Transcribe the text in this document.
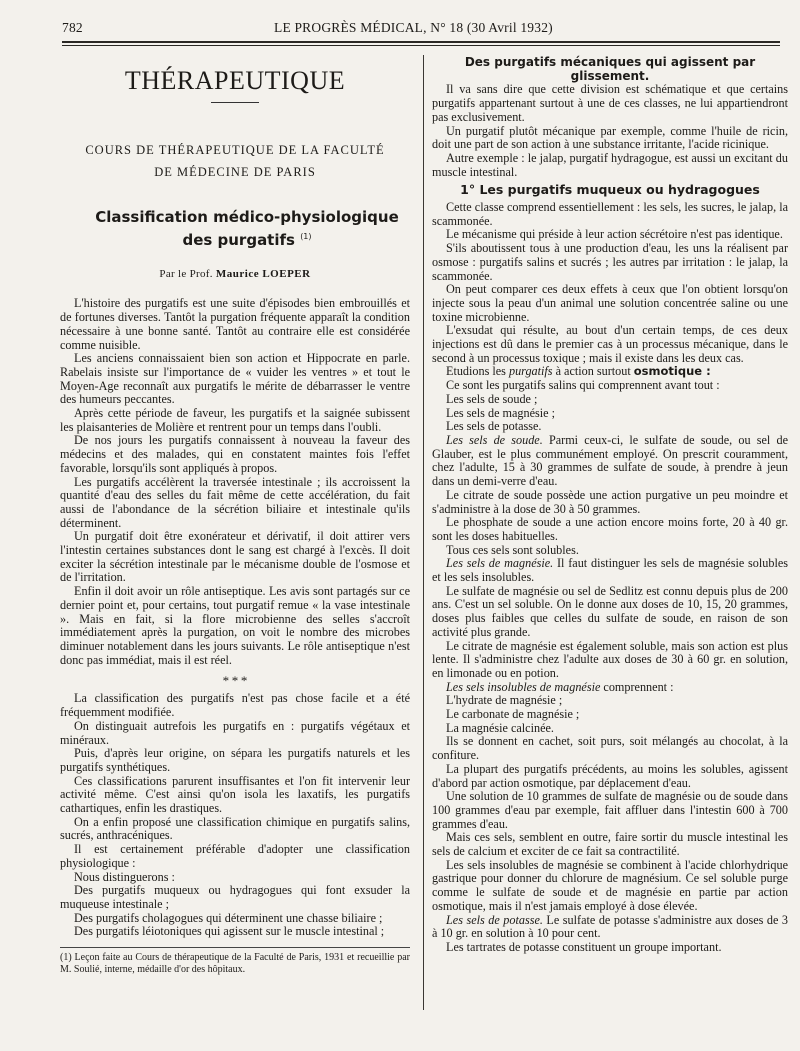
782	LE PROGRÈS MÉDICAL, N° 18 (30 Avril 1932)
THÉRAPEUTIQUE

COURS DE THÉRAPEUTIQUE DE LA FACULTÉ
DE MÉDECINE DE PARIS

Classification médico-physiologique
des purgatifs $^{(1)}$

Par le Prof. Maurice LOEPER

L'histoire des purgatifs est une suite d'épisodes bien embrouillés et de fortunes diverses. Tantôt la purgation fréquente apparaît la condition nécessaire à une bonne santé. Tantôt au contraire elle est considérée comme nuisible.

Les anciens connaissaient bien son action et Hippocrate en parle. Rabelais insiste sur l'importance de « vuider les ventres » et tout le Moyen-Age reconnaît aux purgatifs le mérite de débarrasser le ventre des humeurs peccantes.

Après cette période de faveur, les purgatifs et la saignée subissent les plaisanteries de Molière et rentrent pour un temps dans l'oubli.

De nos jours les purgatifs connaissent à nouveau la faveur des médecins et des malades, qui en constatent maintes fois l'effet favorable, lorsqu'ils sont appliqués à propos.

Les purgatifs accélèrent la traversée intestinale ; ils accroissent la quantité d'eau des selles du fait même de cette accélération, du fait aussi de l'abondance de la sécrétion biliaire et intestinale qu'ils déterminent.

Un purgatif doit être exonérateur et dérivatif, il doit attirer vers l'intestin certaines substances dont le sang est chargé à l'excès. Il doit exciter la sécrétion intestinale par le mécanisme double de l'osmose et de l'irritation.

Enfin il doit avoir un rôle antiseptique. Les avis sont partagés sur ce dernier point et, pour certains, tout purgatif remue « la vase intestinale ». Mais en fait, si la flore microbienne des selles s'accroît immédiatement après la purgation, on voit le nombre des microbes diminuer notablement dans les jours suivants. Le rôle antiseptique n'est donc pas immédiat, mais il est réel.

* * *

La classification des purgatifs n'est pas chose facile et a été fréquemment modifiée.

On distinguait autrefois les purgatifs en : purgatifs végétaux et minéraux.

Puis, d'après leur origine, on sépara les purgatifs naturels et les purgatifs synthétiques.

Ces classifications parurent insuffisantes et l'on fit intervenir leur activité même. C'est ainsi qu'on isola les laxatifs, les purgatifs cathartiques, enfin les drastiques.

On a enfin proposé une classification chimique en purgatifs salins, sucrés, anthracéniques.

Il est certainement préférable d'adopter une classification physiologique :

Nous distinguerons :

Des purgatifs muqueux ou hydragogues qui font exsuder la muqueuse intestinale ;

Des purgatifs cholagogues qui déterminent une chasse biliaire ;

Des purgatifs léiotoniques qui agissent sur le muscle intestinal ;

(1) Leçon faite au Cours de thérapeutique de la Faculté de Paris, 1931 et recueillie par M. Soulié, interne, médaille d'or des hôpitaux.

Des purgatifs mécaniques qui agissent par glissement.

Il va sans dire que cette division est schématique et que certains purgatifs appartenant surtout à une de ces classes, ne lui appartiendront pas exclusivement.

Un purgatif plutôt mécanique par exemple, comme l'huile de ricin, doit une part de son action à une substance irritante, l'acide ricinique.

Autre exemple : le jalap, purgatif hydragogue, est aussi un excitant du muscle intestinal.

1° Les purgatifs muqueux ou hydragogues

Cette classe comprend essentiellement : les sels, les sucres, le jalap, la scammonée.

Le mécanisme qui préside à leur action sécrétoire n'est pas identique.

S'ils aboutissent tous à une production d'eau, les uns la réalisent par osmose : purgatifs salins et sucrés ; les autres par irritation : le jalap, la scammonée.

On peut comparer ces deux effets à ceux que l'on obtient lorsqu'on injecte sous la peau d'un animal une solution concentrée saline ou une toxine microbienne.

L'exsudat qui résulte, au bout d'un certain temps, de ces deux injections est dû dans le premier cas à un processus mécanique, dans le second à un processus toxique ; mais il existe dans les deux cas.

Etudions les purgatifs à action surtout osmotique :

Ce sont les purgatifs salins qui comprennent avant tout :

Les sels de soude ;

Les sels de magnésie ;

Les sels de potasse.

Les sels de soude. Parmi ceux-ci, le sulfate de soude, ou sel de Glauber, est le plus communément employé. On prescrit couramment, chez l'adulte, 15 à 30 grammes de sulfate de soude, à prendre à jeun dans un demi-verre d'eau.

Le citrate de soude possède une action purgative un peu moindre et s'administre à la dose de 30 à 50 grammes.

Le phosphate de soude a une action encore moins forte, 20 à 40 gr. sont les doses habituelles.

Tous ces sels sont solubles.

Les sels de magnésie. Il faut distinguer les sels de magnésie solubles et les sels insolubles.

Le sulfate de magnésie ou sel de Sedlitz est connu depuis plus de 200 ans. C'est un sel soluble. On le donne aux doses de 10, 15, 20 grammes, doses plus faibles que celles du sulfate de soude, en raison de son activité plus grande.

Le citrate de magnésie est également soluble, mais son action est plus lente. Il s'administre chez l'adulte aux doses de 30 à 60 gr. en solution, en limonade ou en potion.

Les sels insolubles de magnésie comprennent :

L'hydrate de magnésie ;

Le carbonate de magnésie ;

La magnésie calcinée.

Ils se donnent en cachet, soit purs, soit mélangés au chocolat, à la confiture.

La plupart des purgatifs précédents, au moins les solubles, agissent d'abord par action osmotique, par déplacement d'eau.

Une solution de 10 grammes de sulfate de magnésie ou de soude dans 100 grammes d'eau par exemple, fait affluer dans l'intestin 600 à 700 grammes d'eau.

Mais ces sels, semblent en outre, faire sortir du muscle intestinal les sels de calcium et exciter de ce fait sa contractilité.

Les sels insolubles de magnésie se combinent à l'acide chlorhydrique gastrique pour donner du chlorure de magnésium. Ce sel soluble purge comme le sulfate de soude et de magnésie en partie par action osmotique, mais il n'est jamais employé à dose élevée.

Les sels de potasse. Le sulfate de potasse s'administre aux doses de 3 à 10 gr. en solution à 10 pour cent.

Les tartrates de potasse constituent un groupe important.
